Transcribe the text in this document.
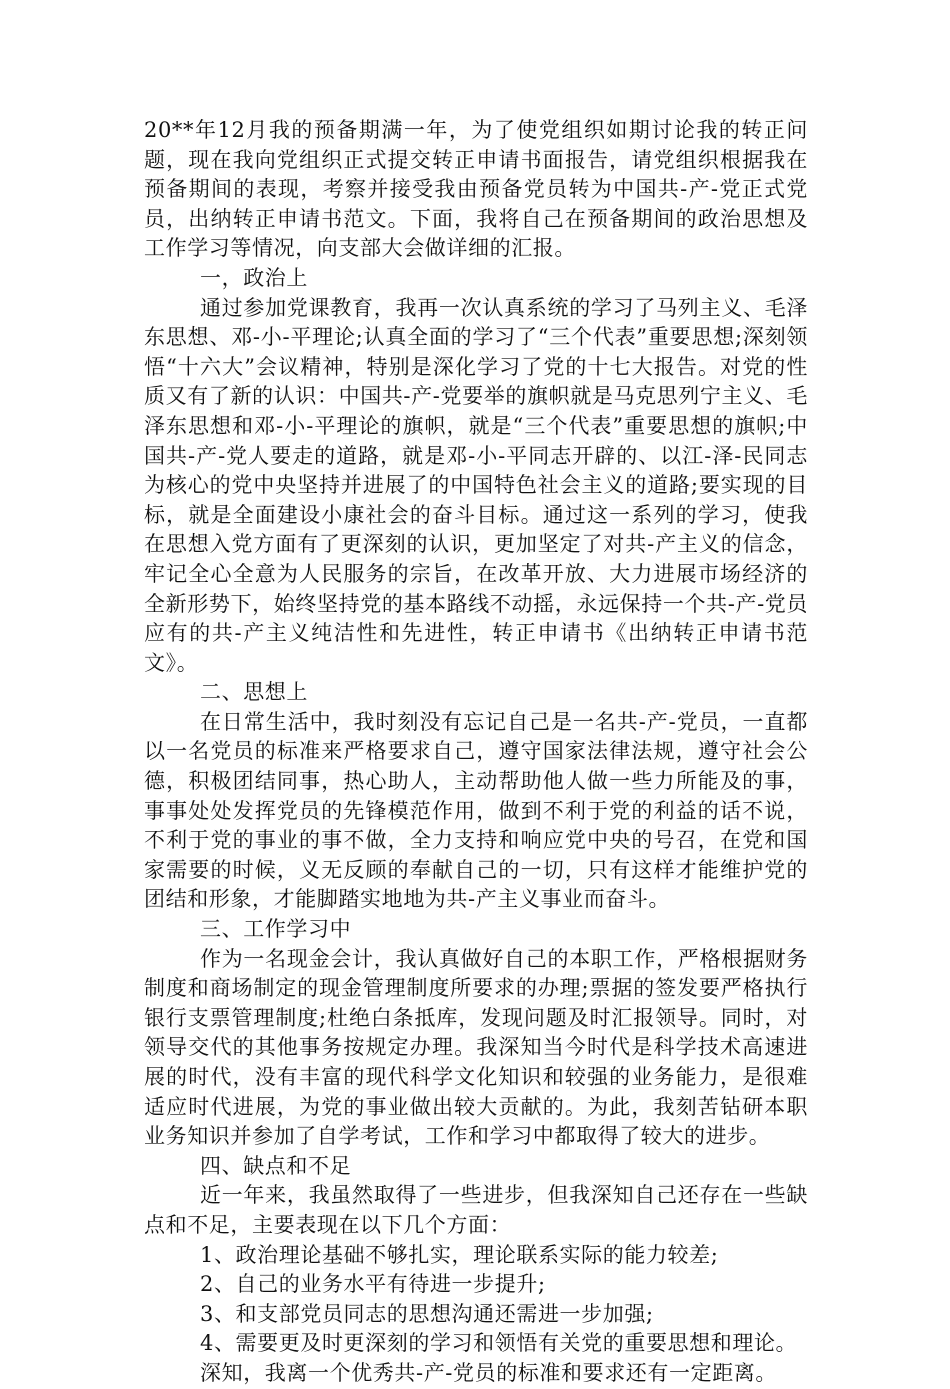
20**年12月我的预备期满一年，为了使党组织如期讨论我的转正问题，现在我向党组织正式提交转正申请书面报告，请党组织根据我在预备期间的表现，考察并接受我由预备党员转为中国共-产-党正式党员，出纳转正申请书范文。下面，我将自己在预备期间的政治思想及工作学习等情况，向支部大会做详细的汇报。

一，政治上

通过参加党课教育，我再一次认真系统的学习了马列主义、毛泽东思想、邓-小-平理论;认真全面的学习了“三个代表”重要思想;深刻领悟“十六大”会议精神，特别是深化学习了党的十七大报告。对党的性质又有了新的认识：中国共-产-党要举的旗帜就是马克思列宁主义、毛泽东思想和邓-小-平理论的旗帜，就是“三个代表”重要思想的旗帜;中国共-产-党人要走的道路，就是邓-小-平同志开辟的、以江-泽-民同志为核心的党中央坚持并进展了的中国特色社会主义的道路;要实现的目标，就是全面建设小康社会的奋斗目标。通过这一系列的学习，使我在思想入党方面有了更深刻的认识，更加坚定了对共-产主义的信念，牢记全心全意为人民服务的宗旨，在改革开放、大力进展市场经济的全新形势下，始终坚持党的基本路线不动摇，永远保持一个共-产-党员应有的共-产主义纯洁性和先进性，转正申请书《出纳转正申请书范文》。

二、思想上

在日常生活中，我时刻没有忘记自己是一名共-产-党员，一直都以一名党员的标准来严格要求自己，遵守国家法律法规，遵守社会公德，积极团结同事，热心助人，主动帮助他人做一些力所能及的事，事事处处发挥党员的先锋模范作用，做到不利于党的利益的话不说，不利于党的事业的事不做，全力支持和响应党中央的号召，在党和国家需要的时候，义无反顾的奉献自己的一切，只有这样才能维护党的团结和形象，才能脚踏实地地为共-产主义事业而奋斗。

三、工作学习中

作为一名现金会计，我认真做好自己的本职工作，严格根据财务制度和商场制定的现金管理制度所要求的办理;票据的签发要严格执行银行支票管理制度;杜绝白条抵库，发现问题及时汇报领导。同时，对领导交代的其他事务按规定办理。我深知当今时代是科学技术高速进展的时代，没有丰富的现代科学文化知识和较强的业务能力，是很难适应时代进展，为党的事业做出较大贡献的。为此，我刻苦钻研本职业务知识并参加了自学考试，工作和学习中都取得了较大的进步。

四、缺点和不足

近一年来，我虽然取得了一些进步，但我深知自己还存在一些缺点和不足，主要表现在以下几个方面：

1、政治理论基础不够扎实，理论联系实际的能力较差;

2、自己的业务水平有待进一步提升;

3、和支部党员同志的思想沟通还需进一步加强;

4、需要更及时更深刻的学习和领悟有关党的重要思想和理论。

深知，我离一个优秀共-产-党员的标准和要求还有一定距离。
